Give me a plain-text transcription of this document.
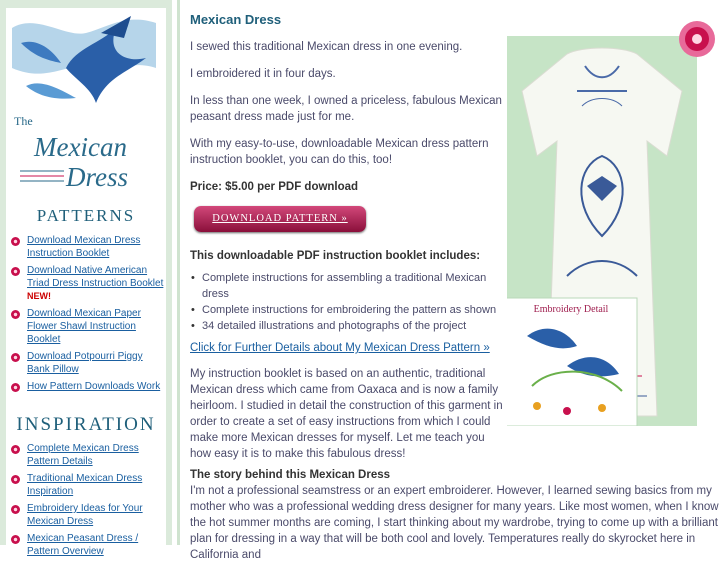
The
Mexican
Dress
PATTERNS
Download Mexican Dress Instruction Booklet
Download Native American Triad Dress Instruction Booklet
NEW!
Download Mexican Paper Flower Shawl Instruction Booklet
Download Potpourri Piggy Bank Pillow
How Pattern Downloads Work
INSPIRATION
Complete Mexican Dress Pattern Details
Traditional Mexican Dress Inspiration
Embroidery Ideas for Your Mexican Dress
Mexican Peasant Dress / Pattern Overview
Mexican Dress

I sewed this traditional Mexican dress in one evening.

I embroidered it in four days.

In less than one week, I owned a priceless, fabulous Mexican peasant dress made just for me.

With my easy-to-use, downloadable Mexican dress pattern instruction booklet, you can do this, too!

Price: $5.00 per PDF download

DOWNLOAD PATTERN »

This downloadable PDF instruction booklet includes:

• Complete instructions for assembling a traditional Mexican dress
• Complete instructions for embroidering the pattern as shown
• 34 detailed illustrations and photographs of the project
Click for Further Details about My Mexican Dress Pattern »

My instruction booklet is based on an authentic, traditional Mexican dress which came from Oaxaca and is now a family heirloom. I studied in detail the construction of this garment in order to create a set of easy instructions from which I could make more Mexican dresses for myself. Let me teach you how easy it is to make this fabulous dress!

The story behind this Mexican Dress

I'm not a professional seamstress or an expert embroiderer. However, I learned sewing basics from my mother who was a professional wedding dress designer for many years. Like most women, when I know the hot summer months are coming, I start thinking about my wardrobe, trying to come up with a brilliant plan for dressing in a way that will be both cool and lovely. Temperatures really do skyrocket here in California and

Embroidery Detail
